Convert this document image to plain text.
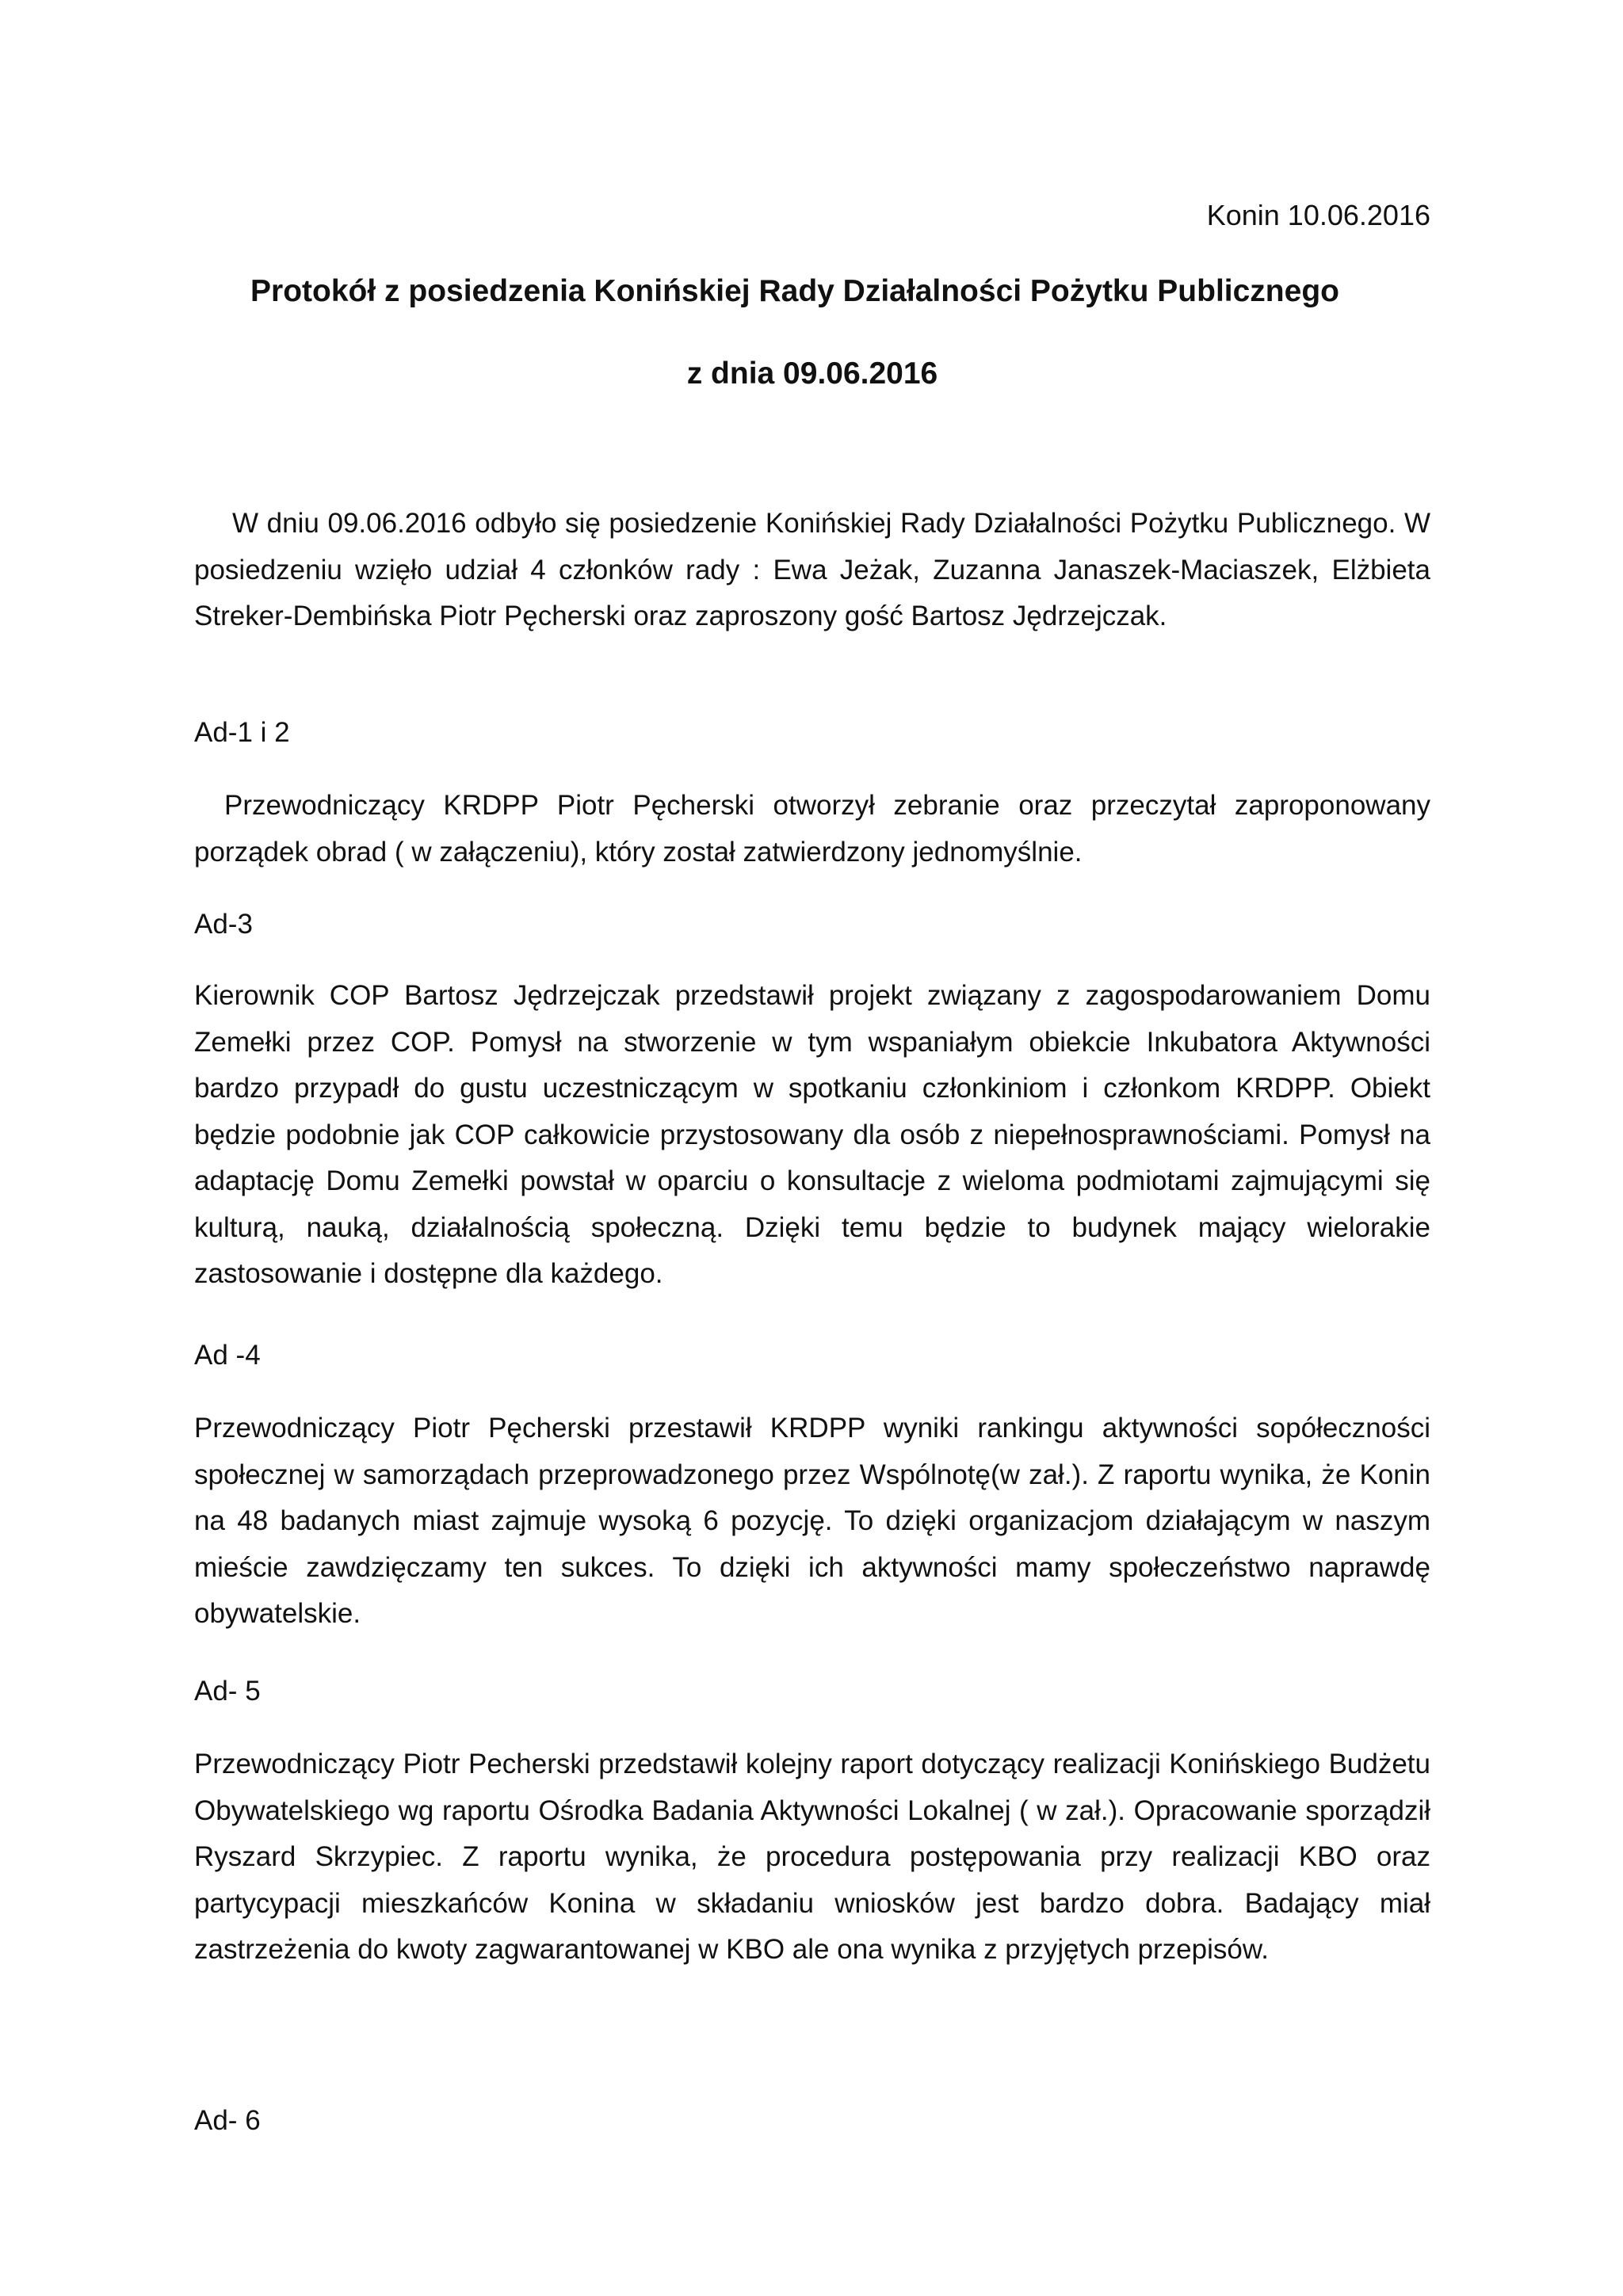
Konin 10.06.2016
Protokół z posiedzenia Konińskiej Rady Działalności Pożytku Publicznego
z dnia 09.06.2016
W dniu 09.06.2016 odbyło się posiedzenie Konińskiej Rady Działalności Pożytku Publicznego. W posiedzeniu wzięło udział 4 członków rady : Ewa Jeżak, Zuzanna Janaszek-Maciaszek, Elżbieta Streker-Dembińska Piotr Pęcherski oraz zaproszony gość Bartosz Jędrzejczak.
Ad-1 i 2
Przewodniczący KRDPP Piotr Pęcherski otworzył zebranie oraz przeczytał zaproponowany porządek obrad ( w załączeniu), który został zatwierdzony jednomyślnie.
Ad-3
Kierownik COP Bartosz Jędrzejczak przedstawił projekt związany z zagospodarowaniem Domu Zemełki przez COP. Pomysł na stworzenie w tym wspaniałym obiekcie Inkubatora Aktywności bardzo przypadł do gustu uczestniczącym w spotkaniu członkiniom i członkom KRDPP. Obiekt będzie podobnie jak COP całkowicie przystosowany dla osób z niepełnosprawnościami. Pomysł na adaptację Domu Zemełki powstał w oparciu o konsultacje z wieloma podmiotami zajmującymi się kulturą, nauką, działalnością społeczną. Dzięki temu będzie to budynek mający wielorakie zastosowanie i dostępne dla każdego.
Ad -4
Przewodniczący Piotr Pęcherski przestawił KRDPP wyniki rankingu aktywności sopółeczności społecznej w samorządach przeprowadzonego przez Wspólnotę(w zał.). Z raportu wynika, że Konin na 48 badanych miast zajmuje wysoką 6 pozycję. To dzięki organizacjom działającym w naszym mieście zawdzięczamy ten sukces. To dzięki ich aktywności mamy społeczeństwo naprawdę obywatelskie.
Ad- 5
Przewodniczący Piotr Pecherski przedstawił kolejny raport dotyczący realizacji Konińskiego Budżetu Obywatelskiego wg raportu Ośrodka Badania Aktywności Lokalnej ( w zał.). Opracowanie sporządził Ryszard Skrzypiec. Z raportu wynika, że procedura postępowania przy realizacji KBO oraz partycypacji mieszkańców Konina w składaniu wniosków jest bardzo dobra. Badający miał zastrzeżenia do kwoty zagwarantowanej w KBO ale ona wynika z przyjętych przepisów.
Ad- 6
